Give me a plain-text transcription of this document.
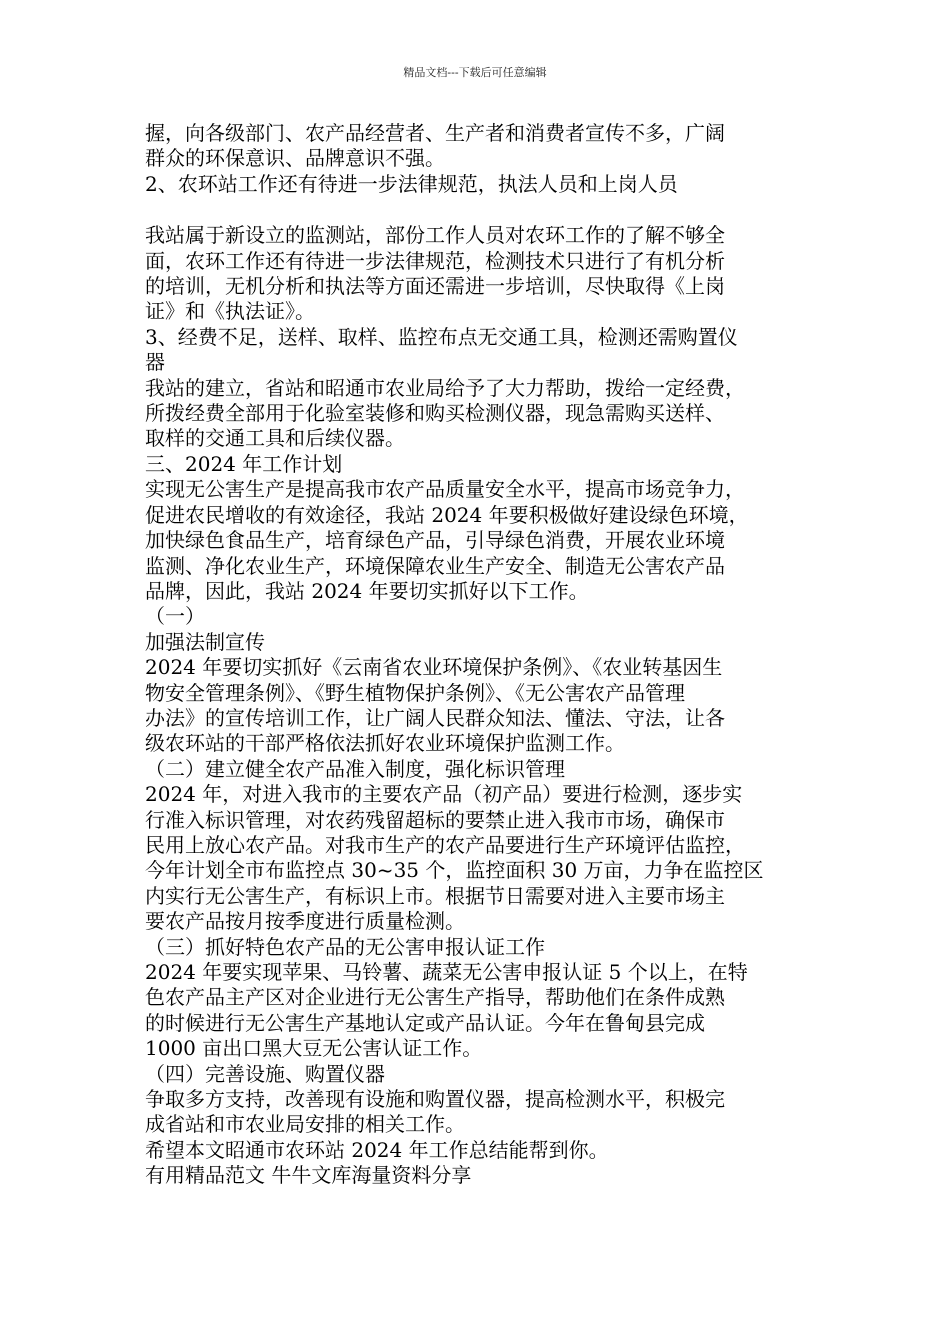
精品文档---下载后可任意编辑

握，向各级部门、农产品经营者、生产者和消费者宣传不多，广阔

群众的环保意识、品牌意识不强。

2、农环站工作还有待进一步法律规范，执法人员和上岗人员

我站属于新设立的监测站，部份工作人员对农环工作的了解不够全

面，农环工作还有待进一步法律规范，检测技术只进行了有机分析

的培训，无机分析和执法等方面还需进一步培训，尽快取得《上岗

证》和《执法证》。

3、经费不足，送样、取样、监控布点无交通工具，检测还需购置仪

器

我站的建立，省站和昭通市农业局给予了大力帮助，拨给一定经费，

所拨经费全部用于化验室装修和购买检测仪器，现急需购买送样、

取样的交通工具和后续仪器。

三、2024 年工作计划

实现无公害生产是提高我市农产品质量安全水平，提高市场竞争力，

促进农民增收的有效途径，我站 2024 年要积极做好建设绿色环境，

加快绿色食品生产，培育绿色产品，引导绿色消费，开展农业环境

监测、净化农业生产，环境保障农业生产安全、制造无公害农产品

品牌，因此，我站 2024 年要切实抓好以下工作。

（一）

加强法制宣传

2024 年要切实抓好《云南省农业环境保护条例》、《农业转基因生

物安全管理条例》、《野生植物保护条例》、《无公害农产品管理

办法》的宣传培训工作，让广阔人民群众知法、懂法、守法，让各

级农环站的干部严格依法抓好农业环境保护监测工作。

（二）建立健全农产品准入制度，强化标识管理

2024 年，对进入我市的主要农产品（初产品）要进行检测，逐步实

行准入标识管理，对农药残留超标的要禁止进入我市市场，确保市

民用上放心农产品。对我市生产的农产品要进行生产环境评估监控，

今年计划全市布监控点 30~35 个，监控面积 30 万亩，力争在监控区

内实行无公害生产，有标识上市。根据节日需要对进入主要市场主

要农产品按月按季度进行质量检测。

（三）抓好特色农产品的无公害申报认证工作

2024 年要实现苹果、马铃薯、蔬菜无公害申报认证 5 个以上，在特

色农产品主产区对企业进行无公害生产指导，帮助他们在条件成熟

的时候进行无公害生产基地认定或产品认证。今年在鲁甸县完成

1000 亩出口黑大豆无公害认证工作。

（四）完善设施、购置仪器

争取多方支持，改善现有设施和购置仪器，提高检测水平，积极完

成省站和市农业局安排的相关工作。

希望本文昭通市农环站 2024 年工作总结能帮到你。

有用精品范文 牛牛文库海量资料分享
